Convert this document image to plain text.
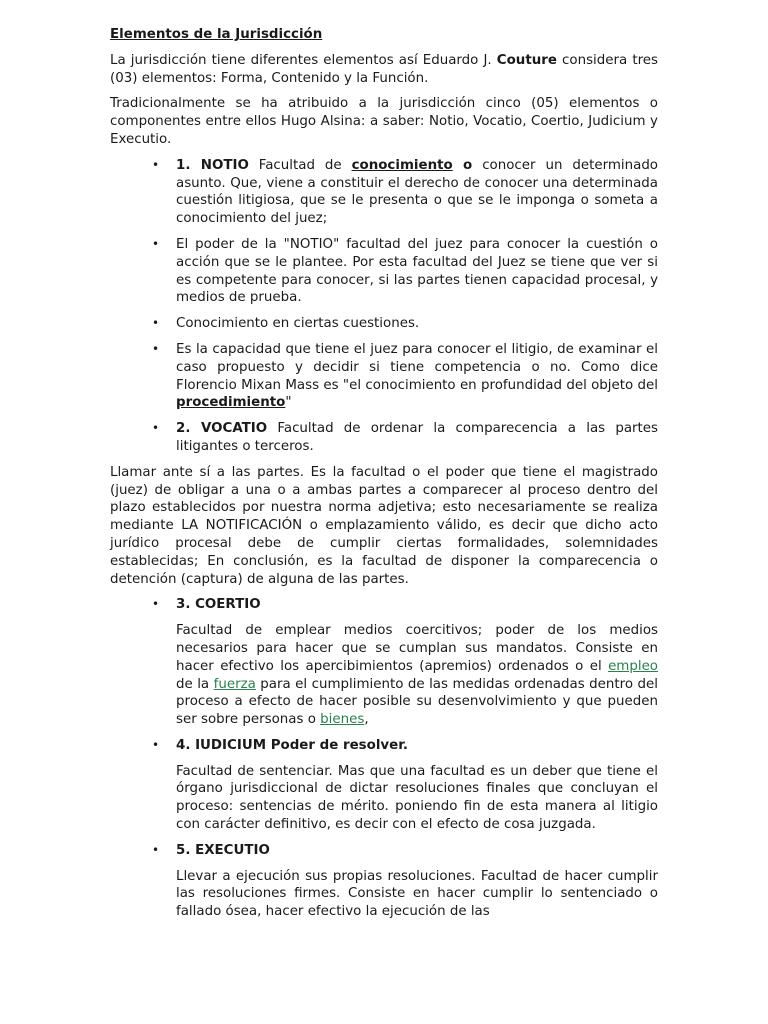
Elementos de la Jurisdicción

La jurisdicción tiene diferentes elementos así Eduardo J. Couture considera tres (03) elementos: Forma, Contenido y la Función.

Tradicionalmente se ha atribuido a la jurisdicción cinco (05) elementos o componentes entre ellos Hugo Alsina: a saber: Notio, Vocatio, Coertio, Judicium y Executio.

• 1. NOTIO Facultad de conocimiento o conocer un determinado asunto. Que, viene a constituir el derecho de conocer una determinada cuestión litigiosa, que se le presenta o que se le imponga o someta a conocimiento del juez;
• El poder de la "NOTIO" facultad del juez para conocer la cuestión o acción que se le plantee. Por esta facultad del Juez se tiene que ver si es competente para conocer, si las partes tienen capacidad procesal, y medios de prueba.
• Conocimiento en ciertas cuestiones.
• Es la capacidad que tiene el juez para conocer el litigio, de examinar el caso propuesto y decidir si tiene competencia o no. Como dice Florencio Mixan Mass es "el conocimiento en profundidad del objeto del procedimiento"
• 2. VOCATIO Facultad de ordenar la comparecencia a las partes litigantes o terceros.

Llamar ante sí a las partes. Es la facultad o el poder que tiene el magistrado (juez) de obligar a una o a ambas partes a comparecer al proceso dentro del plazo establecidos por nuestra norma adjetiva; esto necesariamente se realiza mediante LA NOTIFICACIÓN o emplazamiento válido, es decir que dicho acto jurídico procesal debe de cumplir ciertas formalidades, solemnidades establecidas; En conclusión, es la facultad de disponer la comparecencia o detención (captura) de alguna de las partes.

• 3. COERTIO

Facultad de emplear medios coercitivos; poder de los medios necesarios para hacer que se cumplan sus mandatos. Consiste en hacer efectivo los apercibimientos (apremios) ordenados o el empleo de la fuerza para el cumplimiento de las medidas ordenadas dentro del proceso a efecto de hacer posible su desenvolvimiento y que pueden ser sobre personas o bienes,

• 4. IUDICIUM Poder de resolver.

Facultad de sentenciar. Mas que una facultad es un deber que tiene el órgano jurisdiccional de dictar resoluciones finales que concluyan el proceso: sentencias de mérito. poniendo fin de esta manera al litigio con carácter definitivo, es decir con el efecto de cosa juzgada.

• 5. EXECUTIO

Llevar a ejecución sus propias resoluciones. Facultad de hacer cumplir las resoluciones firmes. Consiste en hacer cumplir lo sentenciado o fallado ósea, hacer efectivo la ejecución de las
